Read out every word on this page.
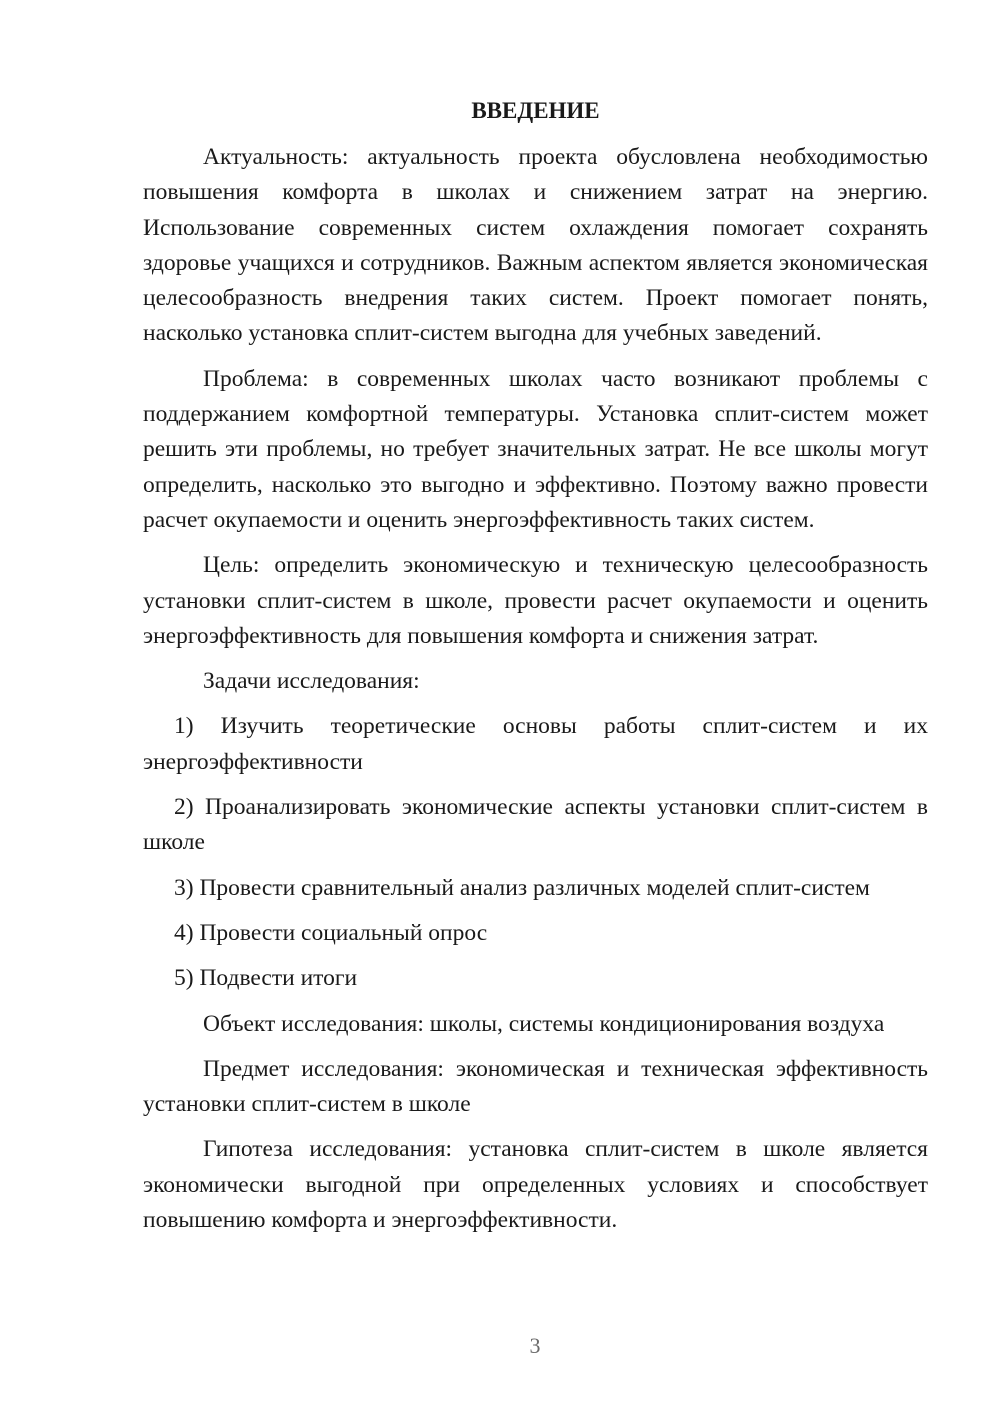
ВВЕДЕНИЕ

Актуальность: актуальность проекта обусловлена необходимостью повышения комфорта в школах и снижением затрат на энергию. Использование современных систем охлаждения помогает сохранять здоровье учащихся и сотрудников. Важным аспектом является экономическая целесообразность внедрения таких систем. Проект помогает понять, насколько установка сплит-систем выгодна для учебных заведений.

Проблема: в современных школах часто возникают проблемы с поддержанием комфортной температуры. Установка сплит-систем может решить эти проблемы, но требует значительных затрат. Не все школы могут определить, насколько это выгодно и эффективно. Поэтому важно провести расчет окупаемости и оценить энергоэффективность таких систем.

Цель: определить экономическую и техническую целесообразность установки сплит-систем в школе, провести расчет окупаемости и оценить энергоэффективность для повышения комфорта и снижения затрат.

Задачи исследования:

1) Изучить теоретические основы работы сплит-систем и их энергоэффективности

2) Проанализировать экономические аспекты установки сплит-систем в школе

3) Провести сравнительный анализ различных моделей сплит-систем

4) Провести социальный опрос

5) Подвести итоги

Объект исследования: школы, системы кондиционирования воздуха

Предмет исследования: экономическая и техническая эффективность установки сплит-систем в школе

Гипотеза исследования: установка сплит-систем в школе является экономически выгодной при определенных условиях и способствует повышению комфорта и энергоэффективности.

3
